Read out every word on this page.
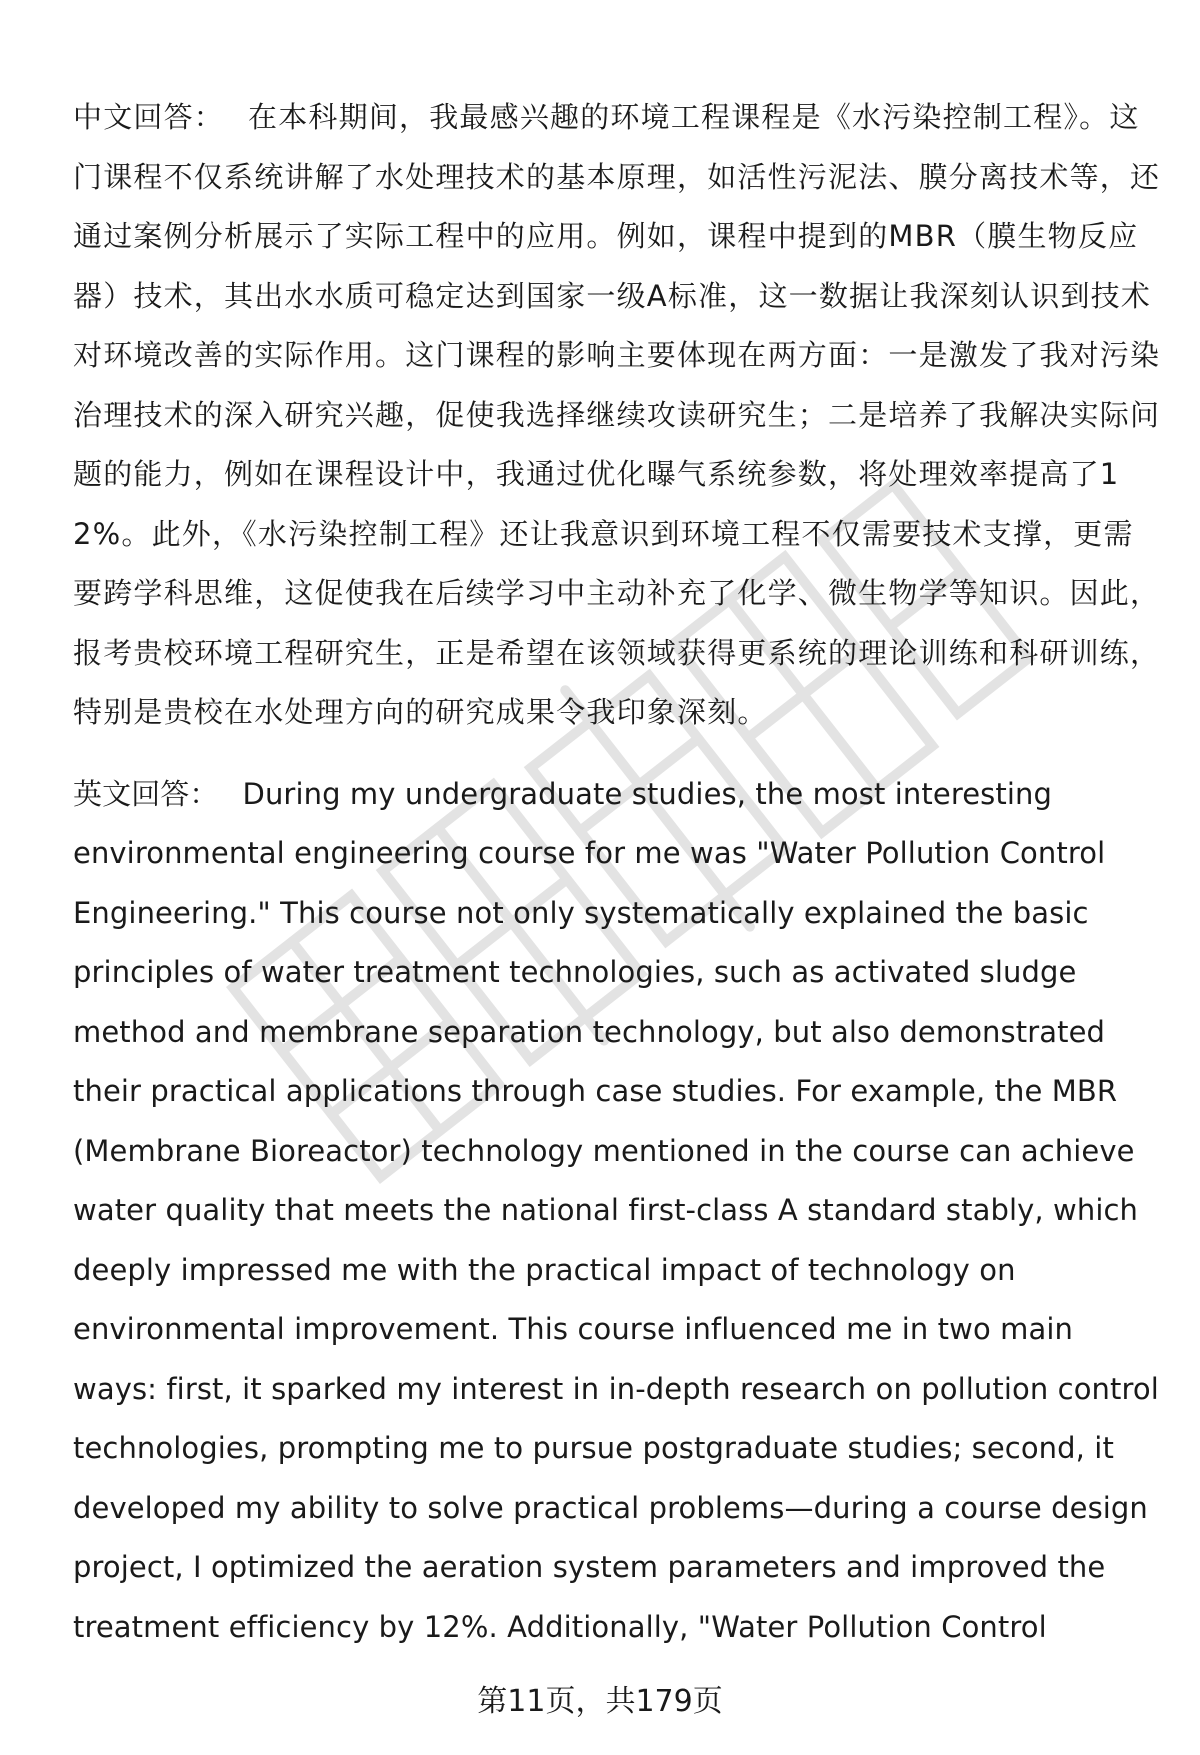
中文回答： 在本科期间，我最感兴趣的环境工程课程是《水污染控制工程》。这门课程不仅系统讲解了水处理技术的基本原理，如活性污泥法、膜分离技术等，还通过案例分析展示了实际工程中的应用。例如，课程中提到的MBR（膜生物反应器）技术，其出水水质可稳定达到国家一级A标准，这一数据让我深刻认识到技术对环境改善的实际作用。这门课程的影响主要体现在两方面：一是激发了我对污染治理技术的深入研究兴趣，促使我选择继续攻读研究生；二是培养了我解决实际问题的能力，例如在课程设计中，我通过优化曝气系统参数，将处理效率提高了12%。此外，《水污染控制工程》还让我意识到环境工程不仅需要技术支撑，更需要跨学科思维，这促使我在后续学习中主动补充了化学、微生物学等知识。因此，报考贵校环境工程研究生，正是希望在该领域获得更系统的理论训练和科研训练，特别是贵校在水处理方向的研究成果令我印象深刻。

英文回答： During my undergraduate studies, the most interesting environmental engineering course for me was "Water Pollution Control Engineering." This course not only systematically explained the basic principles of water treatment technologies, such as activated sludge method and membrane separation technology, but also demonstrated their practical applications through case studies. For example, the MBR (Membrane Bioreactor) technology mentioned in the course can achieve water quality that meets the national first-class A standard stably, which deeply impressed me with the practical impact of technology on environmental improvement. This course influenced me in two main ways: first, it sparked my interest in in-depth research on pollution control technologies, prompting me to pursue postgraduate studies; second, it developed my ability to solve practical problems—during a course design project, I optimized the aeration system parameters and improved the treatment efficiency by 12%. Additionally, "Water Pollution Control

第11页，共179页
